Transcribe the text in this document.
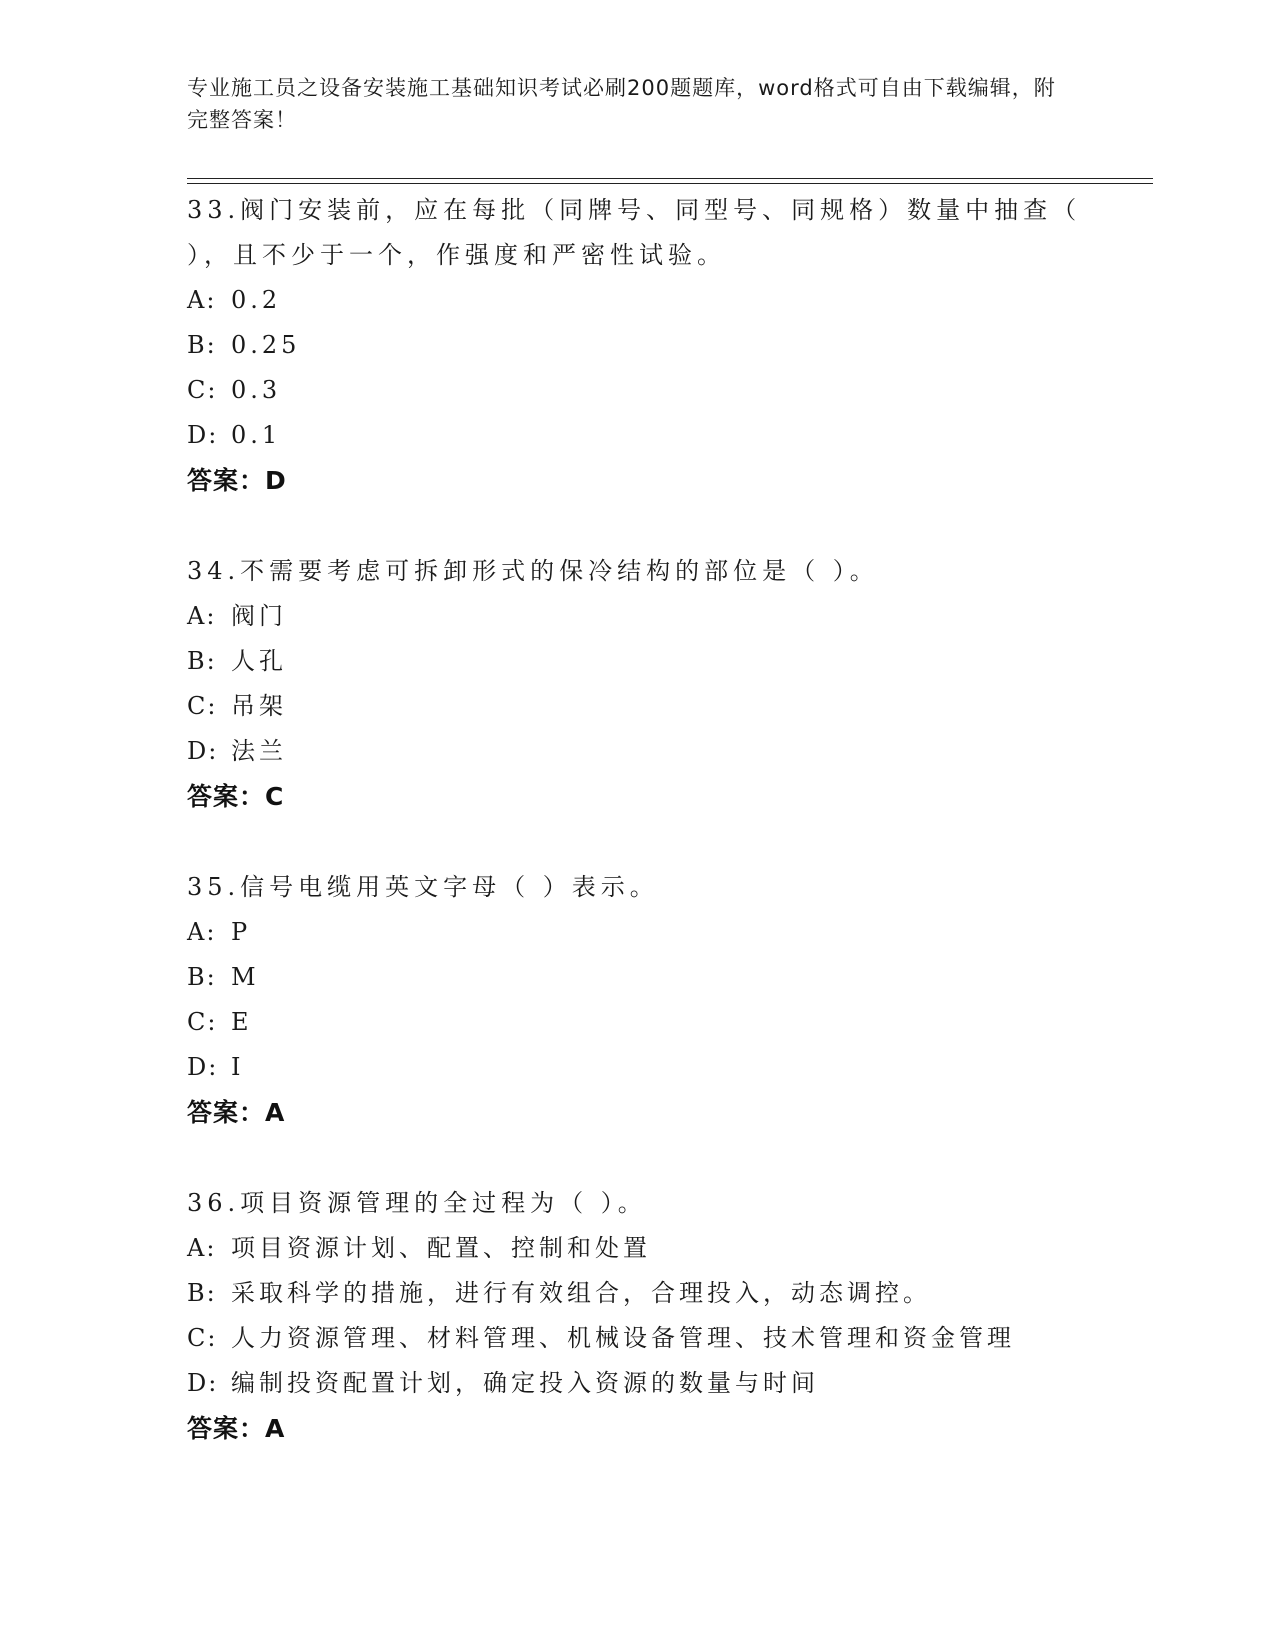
专业施工员之设备安装施工基础知识考试必刷200题题库，word格式可自由下载编辑，附完整答案！

33.阀门安装前，应在每批（同牌号、同型号、同规格）数量中抽查（ ），且不少于一个，作强度和严密性试验。

A: 0.2

B: 0.25

C: 0.3

D: 0.1

答案：D

34.不需要考虑可拆卸形式的保冷结构的部位是（ ）。

A: 阀门

B: 人孔

C: 吊架

D: 法兰

答案：C

35.信号电缆用英文字母（ ）表示。

A: P

B: M

C: E

D: I

答案：A

36.项目资源管理的全过程为（ ）。

A: 项目资源计划、配置、控制和处置

B: 采取科学的措施，进行有效组合，合理投入，动态调控。

C: 人力资源管理、材料管理、机械设备管理、技术管理和资金管理

D: 编制投资配置计划，确定投入资源的数量与时间

答案：A
